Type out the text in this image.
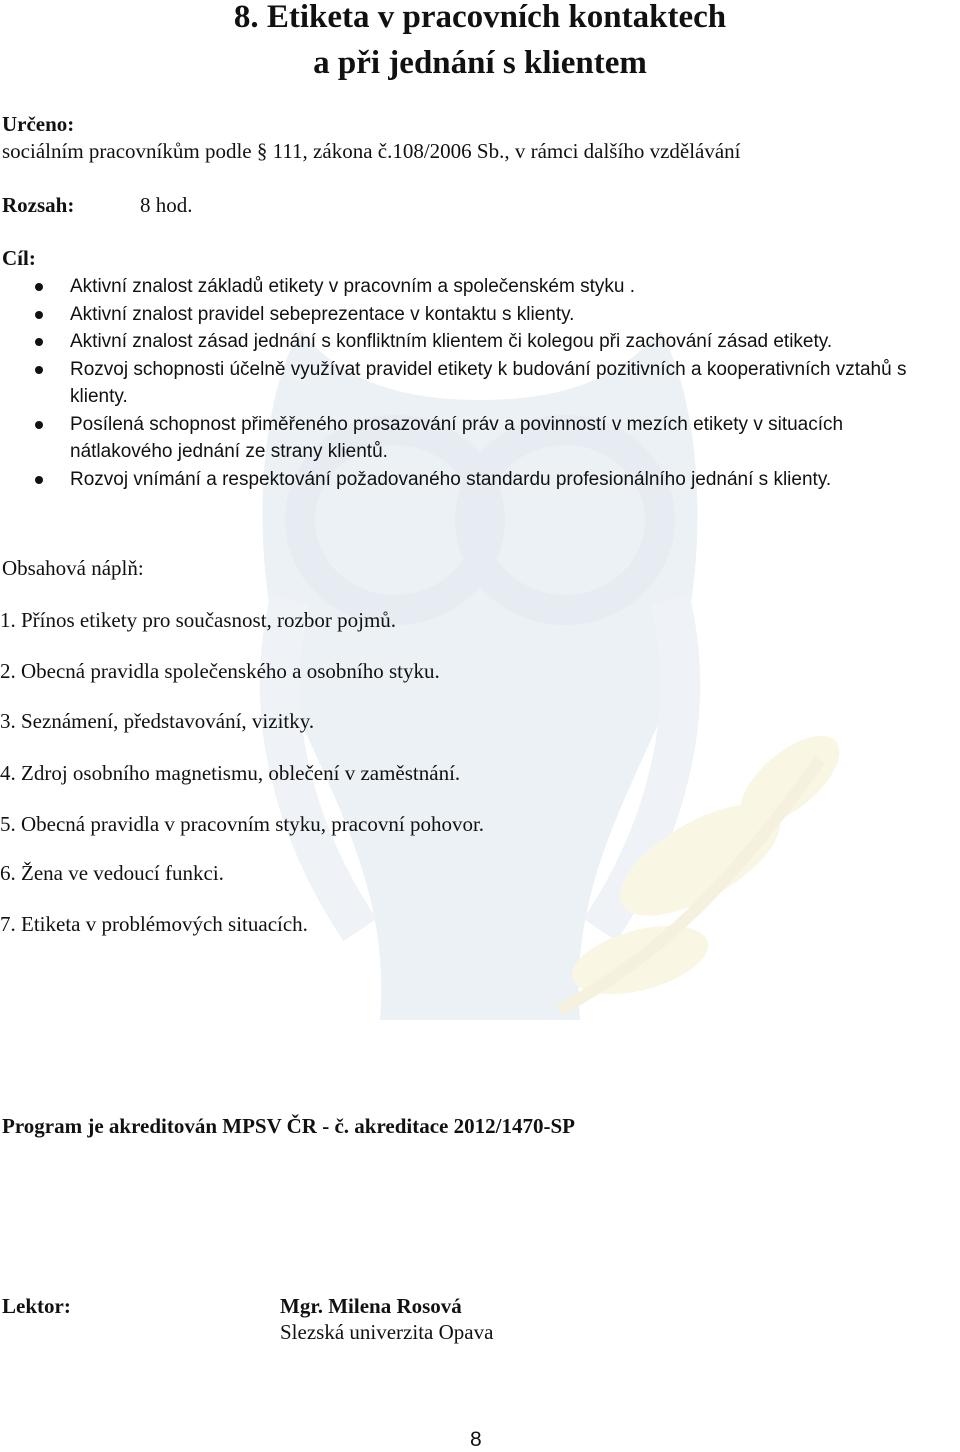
8. Etiketa v pracovních kontaktech
a při jednání s klientem
Určeno:
sociálním pracovníkům podle § 111, zákona č.108/2006 Sb., v rámci dalšího vzdělávání
Rozsah:	8 hod.
Cíl:
Aktivní znalost základů etikety v pracovním a společenském styku .
Aktivní znalost pravidel sebeprezentace v kontaktu s klienty.
Aktivní znalost zásad jednání s konfliktním klientem či kolegou při zachování zásad etikety.
Rozvoj schopnosti účelně využívat pravidel etikety k budování pozitivních a kooperativních vztahů s klienty.
Posílená schopnost přiměřeného prosazování práv a povinností v mezích etikety v situacích nátlakového jednání ze strany klientů.
Rozvoj vnímání a respektování požadovaného standardu profesionálního jednání s klienty.
Obsahová náplň:
1. Přínos etikety pro současnost, rozbor pojmů.
2. Obecná pravidla společenského a osobního styku.
3. Seznámení, představování, vizitky.
4. Zdroj osobního magnetismu, oblečení v zaměstnání.
5. Obecná pravidla v pracovním styku, pracovní pohovor.
6. Žena ve vedoucí funkci.
7. Etiketa v problémových situacích.
Program je akreditován MPSV ČR - č. akreditace 2012/1470-SP
Lektor:	Mgr. Milena Rosová
Slezská univerzita Opava
8
